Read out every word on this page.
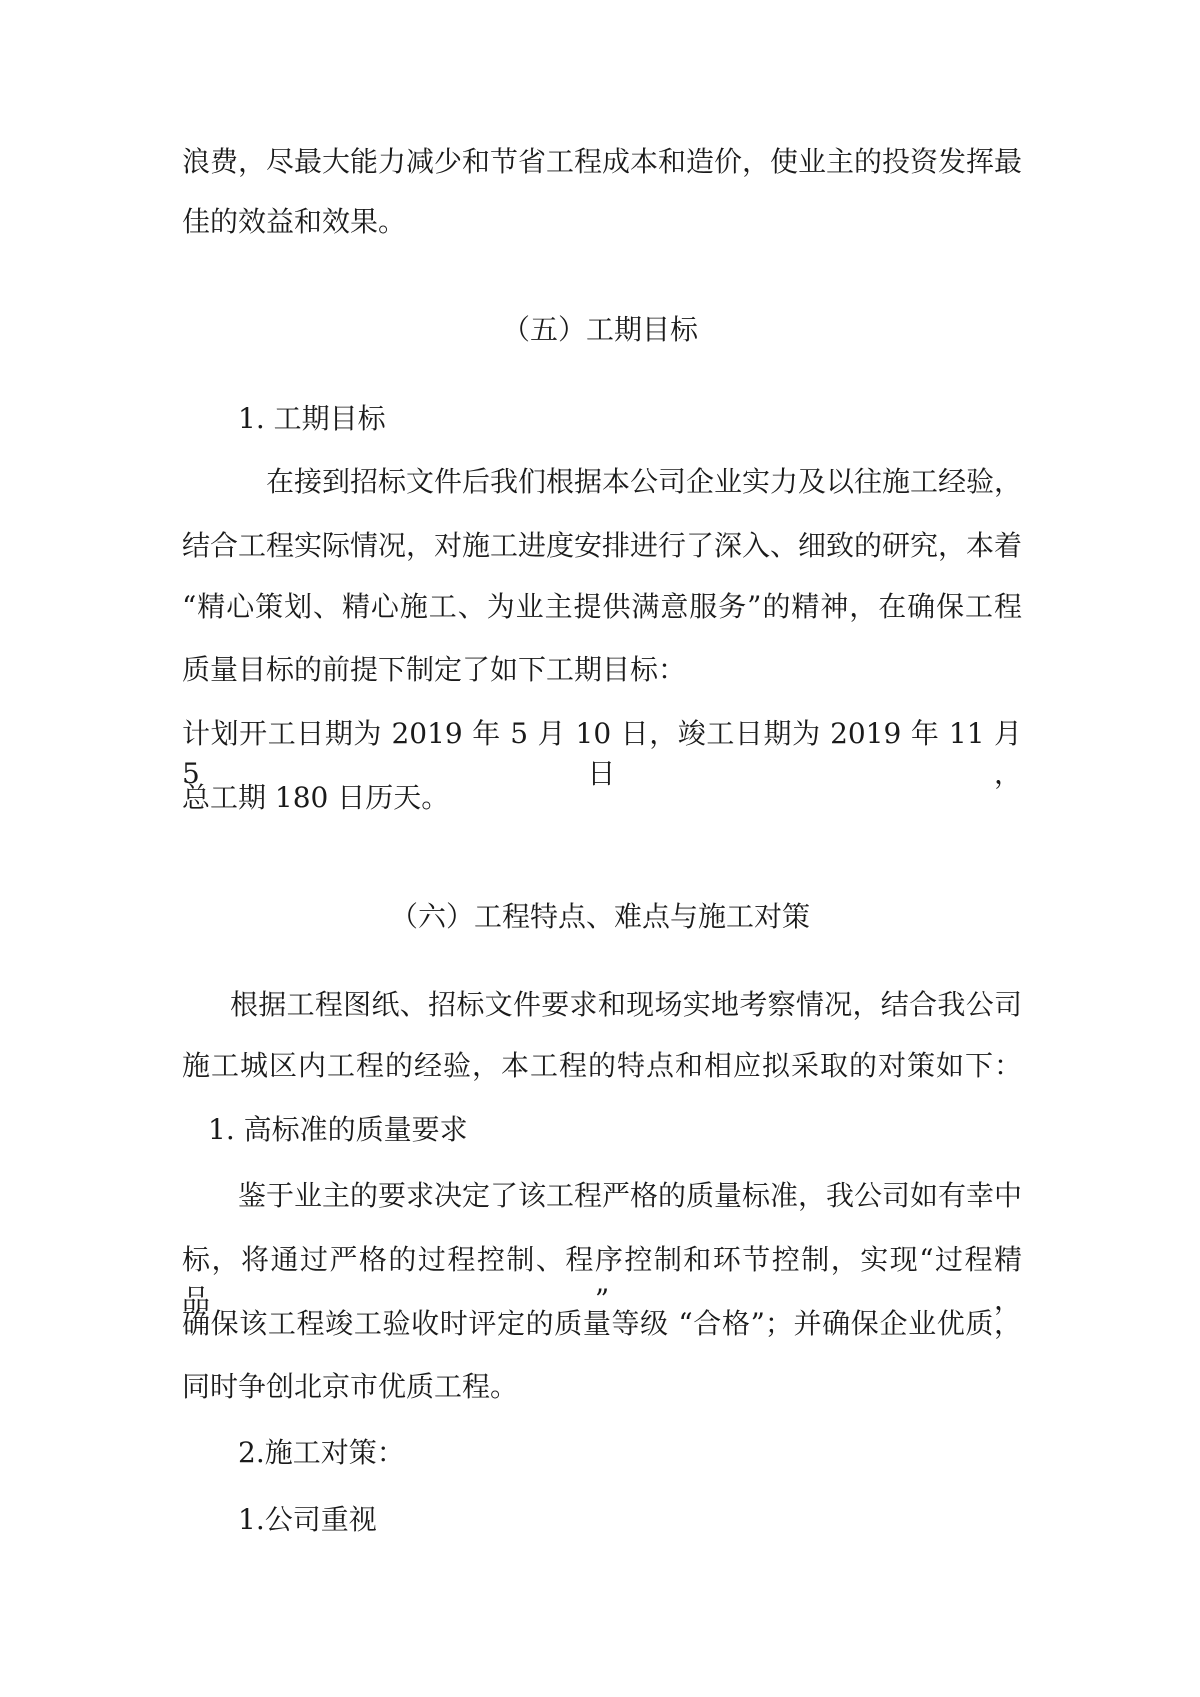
浪费，尽最大能力减少和节省工程成本和造价，使业主的投资发挥最

佳的效益和效果。

（五）工期目标

1. 工期目标

在接到招标文件后我们根据本公司企业实力及以往施工经验，

结合工程实际情况，对施工进度安排进行了深入、细致的研究，本着

“精心策划、精心施工、为业主提供满意服务”的精神，在确保工程

质量目标的前提下制定了如下工期目标：

计划开工日期为 2019 年 5 月 10 日，竣工日期为 2019 年 11 月 5 日，

总工期 180 日历天。

（六）工程特点、难点与施工对策

根据工程图纸、招标文件要求和现场实地考察情况，结合我公司

施工城区内工程的经验，本工程的特点和相应拟采取的对策如下：

1. 高标准的质量要求

鉴于业主的要求决定了该工程严格的质量标准，我公司如有幸中

标，将通过严格的过程控制、程序控制和环节控制，实现“过程精品”，

确保该工程竣工验收时评定的质量等级 “合格”；并确保企业优质，

同时争创北京市优质工程。

2.施工对策：

1.公司重视
